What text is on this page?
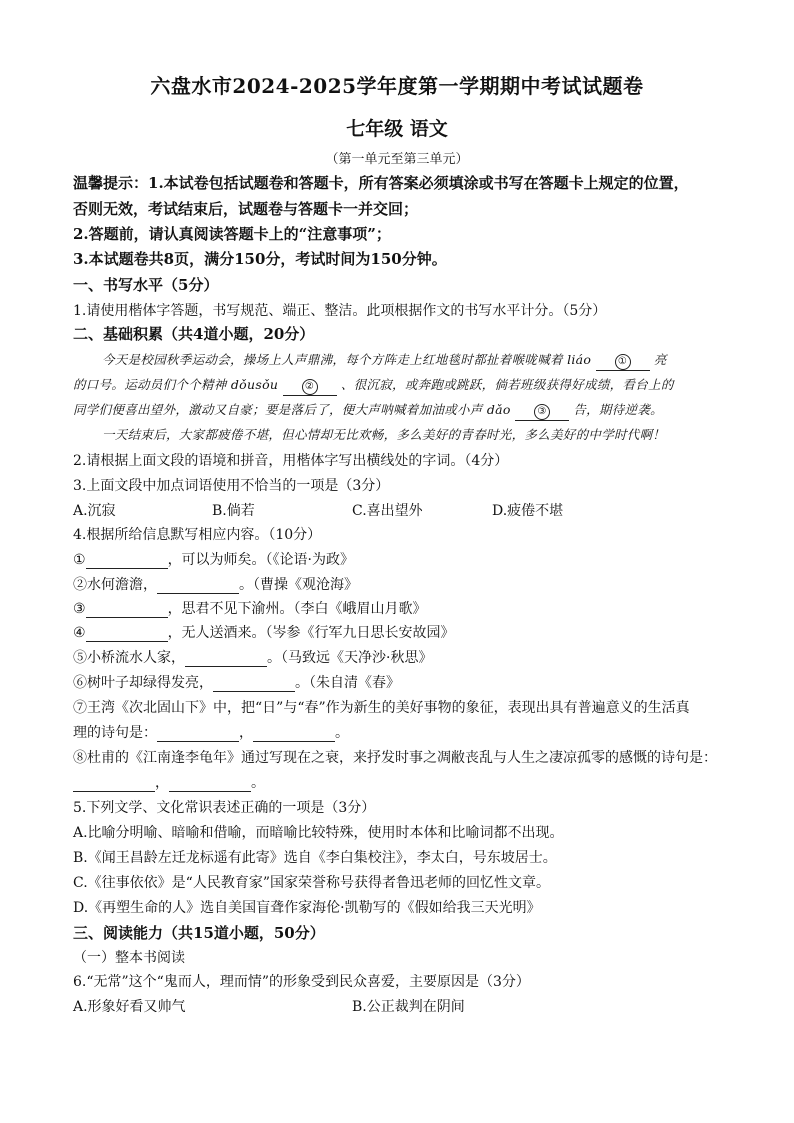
六盘水市2024-2025学年度第一学期期中考试试题卷
七年级 语文
（第一单元至第三单元）
温馨提示：1.本试卷包括试题卷和答题卡，所有答案必须填涂或书写在答题卡上规定的位置，
否则无效，考试结束后，试题卷与答题卡一并交回；
2.答题前，请认真阅读答题卡上的“注意事项”；
3.本试题卷共8页，满分150分，考试时间为150分钟。
一、书写水平（5分）
1.请使用楷体字答题，书写规范、端正、整洁。此项根据作文的书写水平计分。（5分）
二、基础积累（共4道小题，20分）
今天是校园秋季运动会，操场上人声鼎沸，每个方阵走上红地毯时都扯着喉咙喊着 liáo	① 亮
的口号。运动员们个个精神 dǒusǒu	② 、很沉寂，或奔跑或跳跃，倘若班级获得好成绩，看台上的
同学们便喜出望外，激动又自豪；要是落后了，便大声呐喊着加油或小声 dǎo	③ 告，期待逆袭。
一天结束后，大家都疲倦不堪，但心情却无比欢畅，多么美好的青春时光，多么美好的中学时代啊！
2.请根据上面文段的语境和拼音，用楷体字写出横线处的字词。（4分）
3.上面文段中加点词语使用不恰当的一项是（3分）
A.沉寂	B.倘若	C.喜出望外	D.疲倦不堪
4.根据所给信息默写相应内容。（10分）
①	，可以为师矣。（《论语·为政》
②水何澹澹，	。（曹操《观沧海》
③	，思君不见下渝州。（李白《峨眉山月歌》
④	，无人送酒来。（岑参《行军九日思长安故园》
⑤小桥流水人家，	。（马致远《天净沙·秋思》
⑥树叶子却绿得发亮，	。（朱自清《春》
⑦王湾《次北固山下》中，把“日”与“春”作为新生的美好事物的象征，表现出具有普遍意义的生活真
理的诗句是：	，	。
⑧杜甫的《江南逢李龟年》通过写现在之衰，来抒发时事之凋敝丧乱与人生之凄凉孤零的感慨的诗句是：
，	。
5.下列文学、文化常识表述正确的一项是（3分）
A.比喻分明喻、暗喻和借喻，而暗喻比较特殊，使用时本体和比喻词都不出现。
B.《闻王昌龄左迁龙标遥有此寄》选自《李白集校注》，李太白，号东坡居士。
C.《往事依依》是“人民教育家”国家荣誉称号获得者鲁迅老师的回忆性文章。
D.《再塑生命的人》选自美国盲聋作家海伦·凯勒写的《假如给我三天光明》
三、阅读能力（共15道小题，50分）
（一）整本书阅读
6.“无常”这个“鬼而人，理而情”的形象受到民众喜爱，主要原因是（3分）
A.形象好看又帅气	B.公正裁判在阴间
